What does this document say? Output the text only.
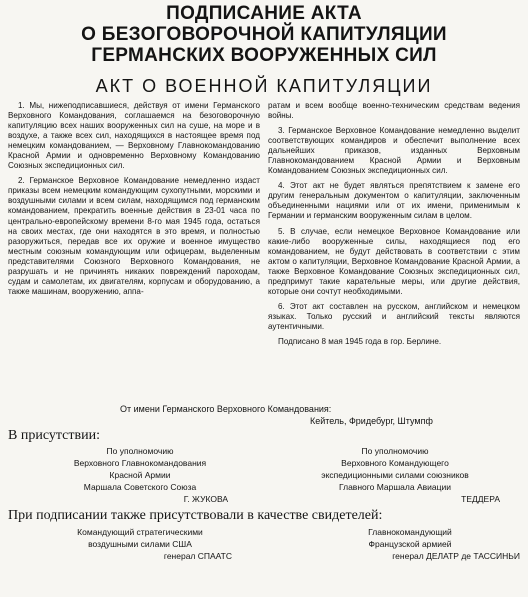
ПОДПИСАНИЕ АКТА
О БЕЗОГОВОРОЧНОЙ КАПИТУЛЯЦИИ
ГЕРМАНСКИХ ВООРУЖЕННЫХ СИЛ
АКТ О ВОЕННОЙ КАПИТУЛЯЦИИ

1. Мы, нижеподписавшиеся, действуя от имени Германского Верховного Командования, соглашаемся на безоговорочную капитуляцию всех наших вооруженных сил на суше, на море и в воздухе, а также всех сил, находящихся в настоящее время под немецким командованием, — Верховному Главнокомандованию Красной Армии и одновременно Верховному Командованию Союзных экспедиционных сил.

2. Германское Верховное Командование немедленно издаст приказы всем немецким командующим сухопутными, морскими и воздушными силами и всем силам, находящимся под германским командованием, прекратить военные действия в 23-01 часа по центрально-европейскому времени 8-го мая 1945 года, остаться на своих местах, где они находятся в это время, и полностью разоружиться, передав все их оружие и военное имущество местным союзным командующим или офицерам, выделенным представителями Союзного Верховного Командования, не разрушать и не причинять никаких повреждений пароходам, судам и самолетам, их двигателям, корпусам и оборудованию, а также машинам, вооружению, аппа-

ратам и всем вообще военно-техническим средствам ведения войны.

3. Германское Верховное Командование немедленно выделит соответствующих командиров и обеспечит выполнение всех дальнейших приказов, изданных Верховным Главнокомандованием Красной Армии и Верховным Командованием Союзных экспедиционных сил.

4. Этот акт не будет являться препятствием к замене его другим генеральным документом о капитуляции, заключенным объединенными нациями или от их имени, применимым к Германии и германским вооруженным силам в целом.

5. В случае, если немецкое Верховное Командование или какие-либо вооруженные силы, находящиеся под его командованием, не будут действовать в соответствии с этим актом о капитуляции, Верховное Командование Красной Армии, а также Верховное Командование Союзных экспедиционных сил, предпримут такие карательные меры, или другие действия, которые они сочтут необходимыми.

6. Этот акт составлен на русском, английском и немецком языках. Только русский и английский тексты являются аутентичными.

Подписано 8 мая 1945 года в гор. Берлине.

От имени Германского Верховного Командования:
Кейтель, Фридебург, Штумпф
В присутствии:
По уполномочию
Верховного Главнокомандования
Красной Армии
Маршала Советского Союза
Г. ЖУКОВА
По уполномочию
Верховного Командующего
экспедиционными силами союзников
Главного Маршала Авиации
ТЕДДЕРА
При подписании также присутствовали в качестве свидетелей:
Командующий стратегическими
воздушными силами США
генерал СПААТС
Главнокомандующий
Французской армией
генерал ДЕЛАТР де ТАССИНЬИ
